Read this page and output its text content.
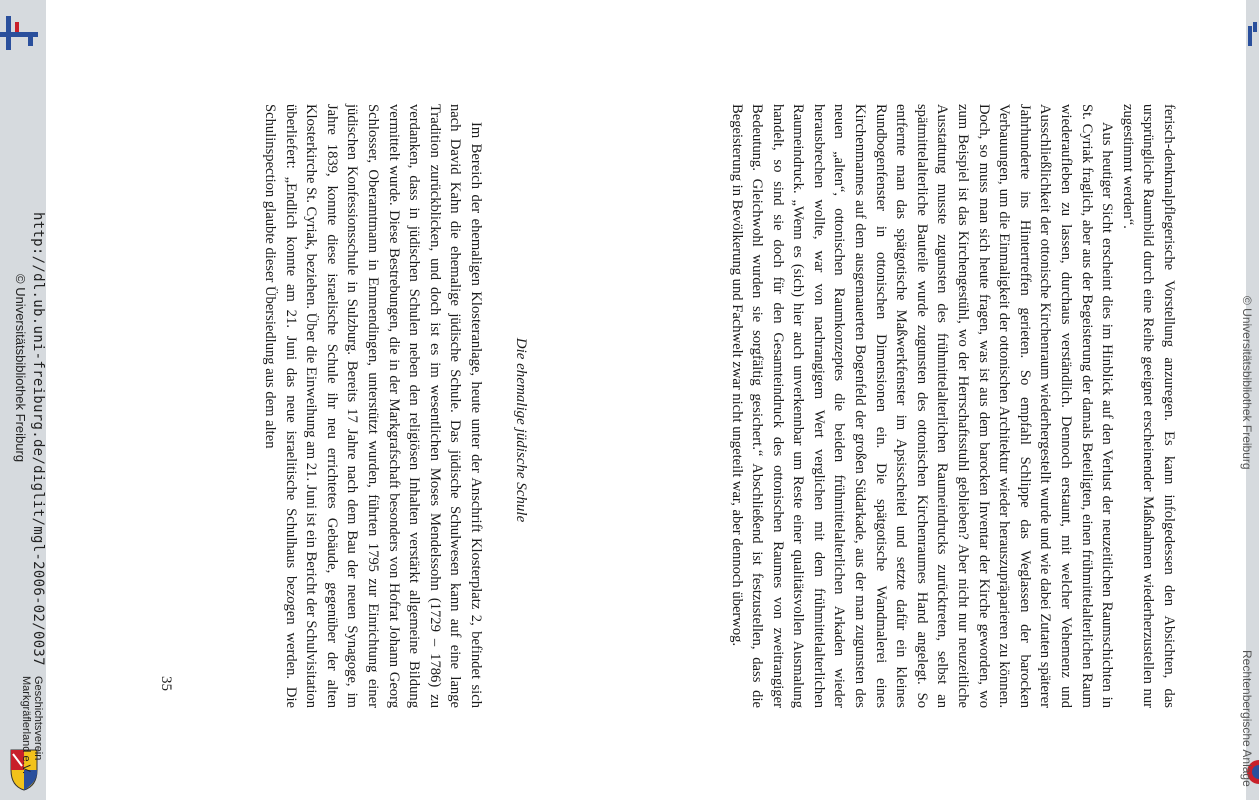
ferisch-denkmalpflegerische Vorstellung anzuregen. Es kann infolgedessen den Absichten, das ursprüngliche Raumbild durch eine Reihe geeignet erscheinender Maßnahmen wiederherzustellen nur zugestimmt werden“.

Aus heutiger Sicht erscheint dies im Hinblick auf den Verlust der neuzeitlichen Raumschichten in St. Cyriak fraglich, aber aus der Begeisterung der damals Beteiligten, einen frühmittelalterlichen Raum wiederaufleben zu lassen, durchaus verständlich. Dennoch erstaunt, mit welcher Vehemenz und Ausschließlichkeit der ottonische Kirchenraum wiederhergestellt wurde und wie dabei Zutaten späterer Jahrhunderte ins Hintertreffen gerieten. So empfahl Schlippe das Weglassen der barocken Verbauungen, um die Einmaligkeit der ottonischen Architektur wieder herauszupräparieren zu können. Doch, so muss man sich heute fragen, was ist aus dem barocken Inventar der Kirche geworden, wo zum Beispiel ist das Kirchengestühl, wo der Herrschaftsstuhl geblieben? Aber nicht nur neuzeitliche Ausstattung musste zugunsten des frühmittelalterlichen Raumeindrucks zurücktreten, selbst an spätmittelalterliche Bauteile wurde zugunsten des ottonischen Kirchenraumes Hand angelegt. So entfernte man das spätgotische Maßwerkfenster im Apsisscheitel und setzte dafür ein kleines Rundbogenfenster in ottonischen Dimensionen ein. Die spätgotische Wandmalerei eines Kirchenmannes auf dem ausgemauerten Bogenfeld der großen Südarkade, aus der man zugunsten des neuen „alten“, ottonischen Raumkonzeptes die beiden frühmittelalterlichen Arkaden wieder herausbrechen wollte, war von nachrangigem Wert verglichen mit dem frühmittelalterlichen Raumeindruck. „Wenn es (sich) hier auch unverkennbar um Reste einer qualitätsvollen Ausmalung handelt, so sind sie doch für den Gesamteindruck des ottonischen Raumes von zweitrangiger Bedeutung. Gleichwohl wurden sie sorgfältig gesichert.“ Abschließend ist festzustellen, dass die Begeisterung in Bevölkerung und Fachwelt zwar nicht ungeteilt war, aber dennoch überwog.

Die ehemalige jüdische Schule

Im Bereich der ehemaligen Klosteranlage, heute unter der Anschrift Klosterplatz 2, befindet sich nach David Kahn die ehemalige jüdische Schule. Das jüdische Schulwesen kann auf eine lange Tradition zurückblicken, und doch ist es im wesentlichen Moses Mendelssohn (1729 – 1786) zu verdanken, dass in jüdischen Schulen neben den religiösen Inhalten verstärkt allgemeine Bildung vermittelt wurde. Diese Bestrebungen, die in der Markgrafschaft besonders von Hofrat Johann Georg Schlosser, Oberamtmann in Emmendingen, unterstützt wurden, führten 1795 zur Einrichtung einer jüdischen Konfessionsschule in Sulzburg. Bereits 17 Jahre nach dem Bau der neuen Synagoge, im Jahre 1839, konnte diese israelische Schule ihr neu errichtetes Gebäude, gegenüber der alten Klosterkirche St. Cyriak, beziehen. Über die Einweihung am 21. Juni ist ein Bericht der Schulvisitation überliefert: „Endlich konnte am 21. Juni das neue israelitische Schulhaus bezogen werden. Die Schulinspection glaubte dieser Übersiedlung aus dem alten

35
http://dl.ub.uni-freiburg.de/diglit/mgl-2006-02/0037
© Universitätsbibliothek Freiburg
Geschichtsverein
Markgräflerland e.V.
© Universitätsbibliothek Freiburg
Rechtenbergische Anlage
